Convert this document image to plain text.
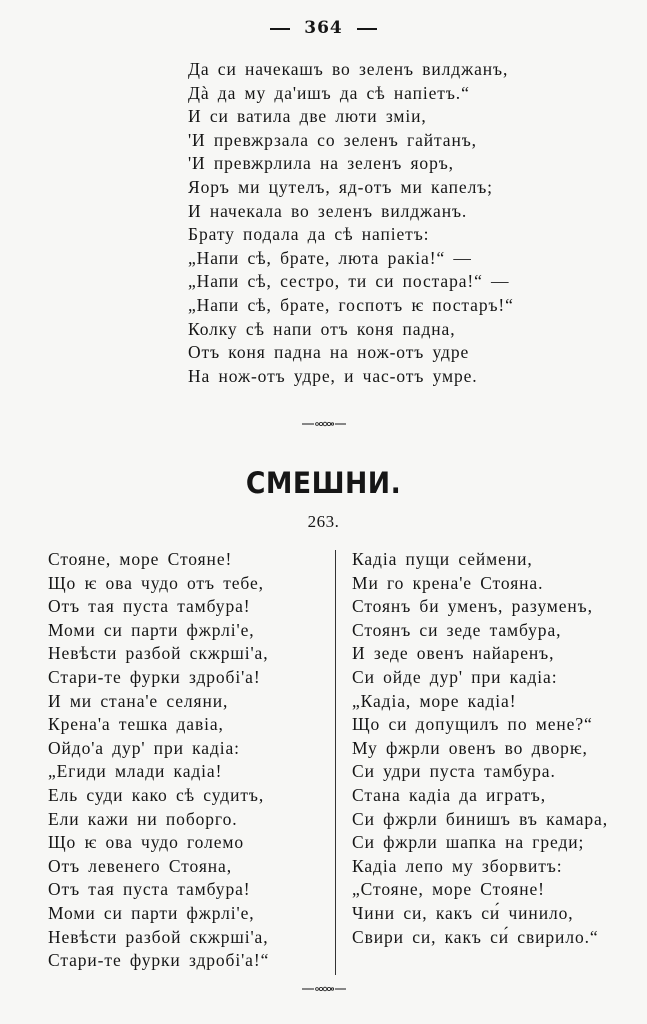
364
Да си начекашъ во зеленъ вилджанъ,
Дà да му да'ишъ да сѣ напіетъ.“
И си ватила две люти зміи,
'И превжрзала со зеленъ гайтанъ,
'И превжрлила на зеленъ яоръ,
Яоръ ми цутелъ, яд-отъ ми капелъ;
И начекала во зеленъ вилджанъ.
Брату подала да сѣ напіетъ:
„Напи сѣ, брате, люта ракіа!“ —
„Напи сѣ, сестро, ти си постара!“ —
„Напи сѣ, брате, госпотъ ѥ постаръ!“
Колку сѣ напи отъ коня падна,
Отъ коня падна на нож-отъ удре
На нож-отъ удре, и час-отъ умре.
СМЕШНИ.
263.
Стояне, море Стояне!
Що ѥ ова чудо отъ тебе,
Отъ тая пуста тамбура!
Моми си парти фжрлі'е,
Невѣсти разбой скжршi'а,
Стари-те фурки здробі'а!
И ми стана'е селяни,
Крена'а тешка давіа,
Ойдо'а дур' при кадіа:
„Егиди млади кадіа!
Ель суди како сѣ судитъ,
Ели кажи ни поборго.
Що ѥ ова чудо големо
Отъ левенего Стояна,
Отъ тая пуста тамбура!
Моми си парти фжрлі'е,
Невѣсти разбой скжршi'а,
Стари-те фурки здробі'а!“
Кадіа пущи сеймени,
Ми го крена'е Стояна.
Стоянъ би уменъ, разуменъ,
Стоянъ си зеде тамбура,
И зеде овенъ найаренъ,
Си ойде дур' при кадіа:
„Кадіа, море кадіа!
Що си допущилъ по мене?“
Му фжрли овенъ во дворѥ,
Си удри пуста тамбура.
Стана кадіа да игратъ,
Си фжрли бинишъ въ камара,
Си фжрли шапка на греди;
Кадіа лепо му зборвитъ:
„Стояне, море Стояне!
Чини си, какъ си́ чинило,
Свири си, какъ си́ свирило.“
